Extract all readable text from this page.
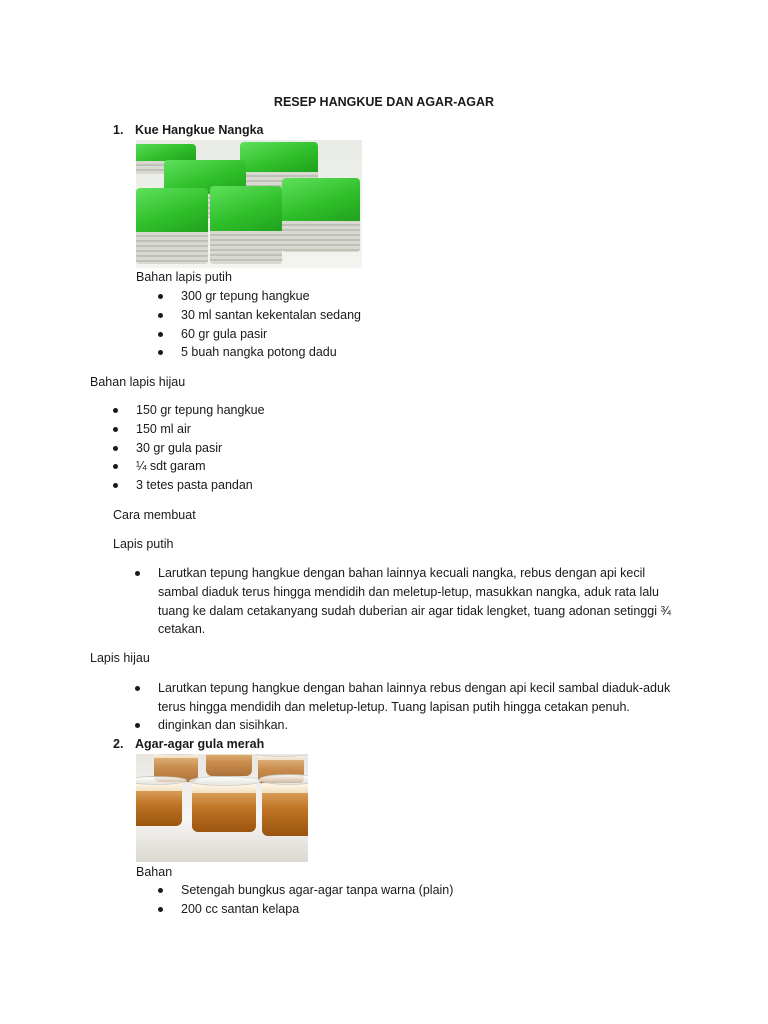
RESEP HANGKUE DAN AGAR-AGAR
1. Kue Hangkue Nangka
Bahan lapis putih
300 gr tepung hangkue
30 ml santan kekentalan sedang
60 gr gula pasir
5 buah nangka potong dadu
Bahan lapis hijau
150 gr tepung hangkue
150 ml air
30 gr gula pasir
¼ sdt garam
3 tetes pasta pandan
Cara membuat
Lapis putih
Larutkan tepung hangkue dengan bahan lainnya kecuali nangka, rebus dengan api kecil
sambal diaduk terus hingga mendidih dan meletup-letup, masukkan nangka, aduk rata lalu
tuang ke dalam cetakanyang sudah duberian air agar tidak lengket, tuang adonan setinggi ¾
cetakan.
Lapis hijau
Larutkan tepung hangkue dengan bahan lainnya rebus dengan api kecil sambal diaduk-aduk
terus hingga mendidih dan meletup-letup. Tuang lapisan putih hingga cetakan penuh.
dinginkan dan sisihkan.
2. Agar-agar gula merah
Bahan
Setengah bungkus agar-agar tanpa warna (plain)
200 cc santan kelapa
